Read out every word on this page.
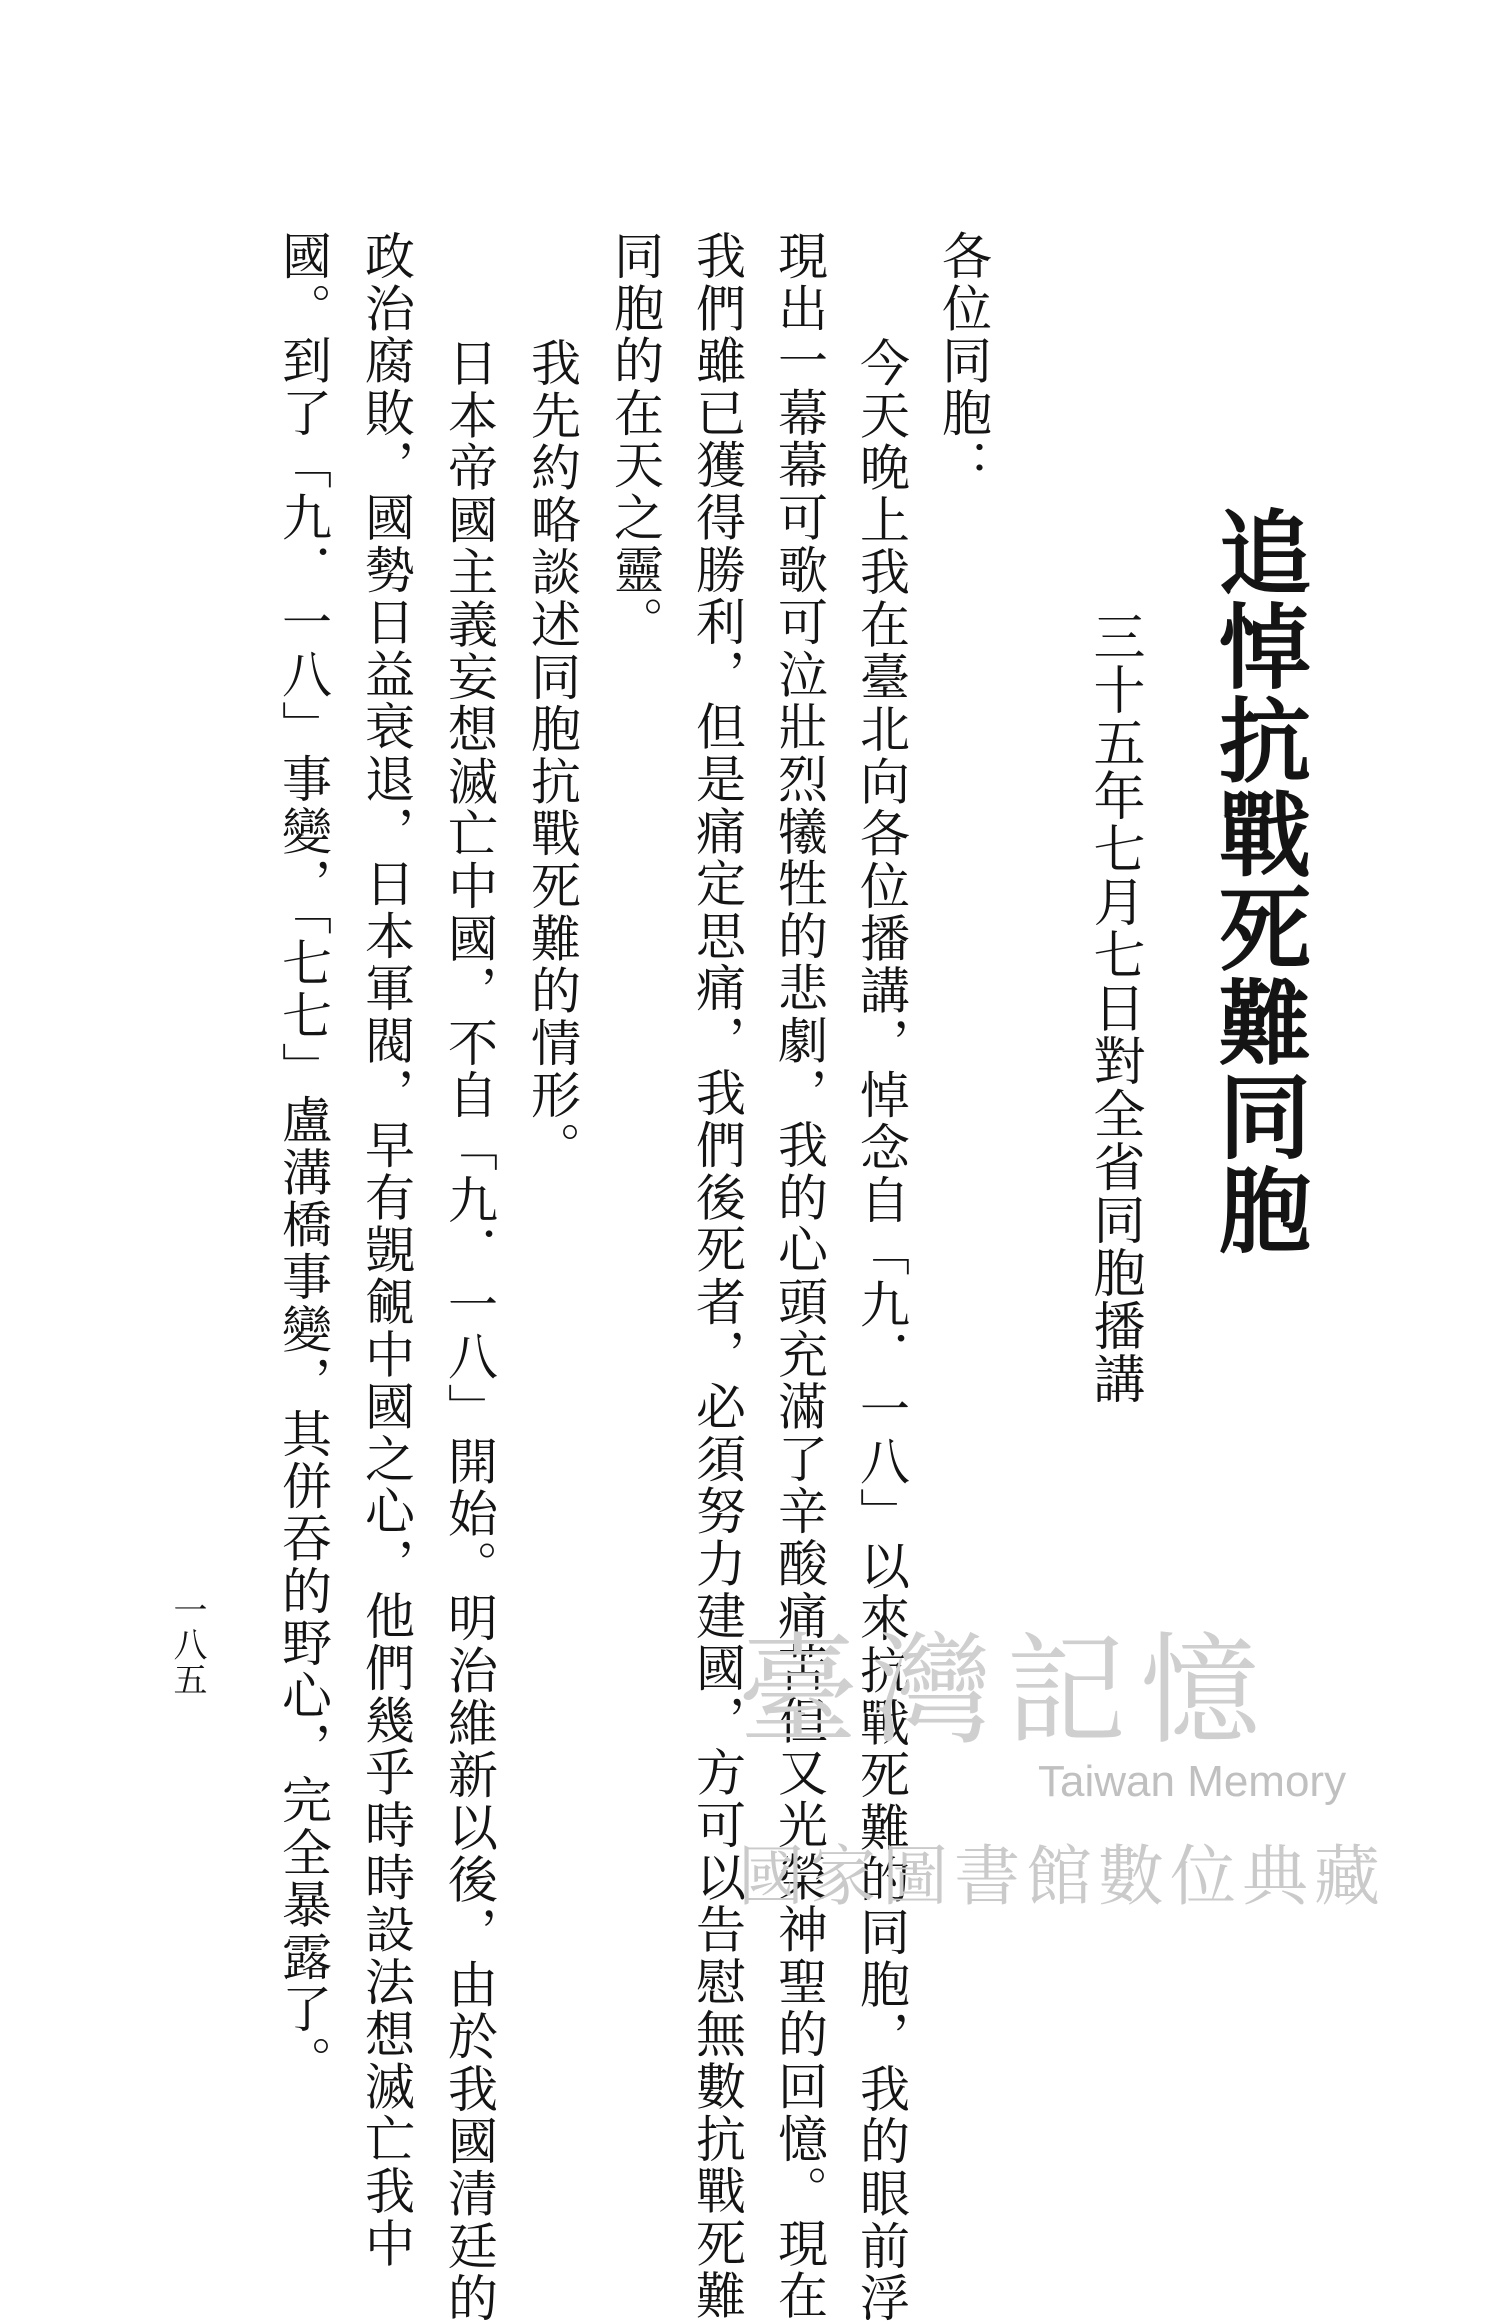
追悼抗戰死難同胞
三十五年七月七日對全省同胞播講
各位同胞：
今天晚上我在臺北向各位播講，悼念自「九．一八」以來抗戰死難的同胞，我的眼前浮
現出一幕幕可歌可泣壯烈犧牲的悲劇，我的心頭充滿了辛酸痛苦但又光榮神聖的回憶。現在
我們雖已獲得勝利，但是痛定思痛，我們後死者，必須努力建國，方可以告慰無數抗戰死難
同胞的在天之靈。
我先約略談述同胞抗戰死難的情形。
日本帝國主義妄想滅亡中國，不自「九．一八」開始。明治維新以後，由於我國清廷的
政治腐敗，國勢日益衰退，日本軍閥，早有覬覦中國之心，他們幾乎時時設法想滅亡我中
國。到了「九．一八」事變，「七七」盧溝橋事變，其併吞的野心，完全暴露了。
一八五	臺灣記憶
Taiwan Memory
國家圖書館數位典藏
